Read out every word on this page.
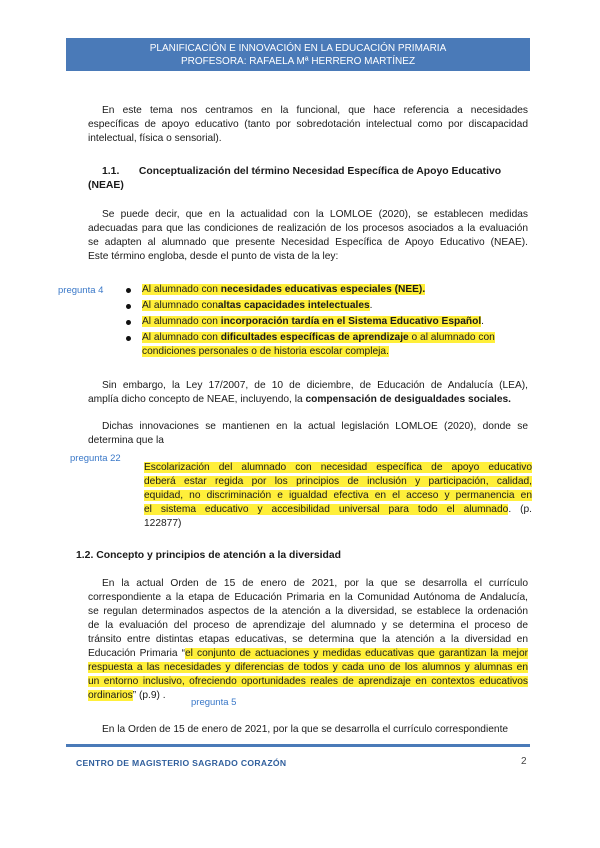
PLANIFICACIÓN E INNOVACIÓN EN LA EDUCACIÓN PRIMARIA
PROFESORA: RAFAELA Mª HERRERO MARTÍNEZ
En este tema nos centramos en la funcional, que hace referencia a necesidades
específicas de apoyo educativo (tanto por sobredotación intelectual como por discapacidad
intelectual, física o sensorial).
1.1. Conceptualización del término Necesidad Específica de Apoyo Educativo
(NEAE)
Se puede decir, que en la actualidad con la LOMLOE (2020), se establecen medidas
adecuadas para que las condiciones de realización de los procesos asociados a la evaluación
se adapten al alumnado que presente Necesidad Específica de Apoyo Educativo (NEAE).
Este término engloba, desde el punto de vista de la ley:
pregunta 4	Al alumnado con necesidades educativas especiales (NEE).
Al alumnado conaltas capacidades intelectuales.
Al alumnado con incorporación tardía en el Sistema Educativo Español.
Al alumnado con dificultades específicas de aprendizaje o al alumnado con
condiciones personales o de historia escolar compleja.
Sin embargo, la Ley 17/2007, de 10 de diciembre, de Educación de Andalucía (LEA),
amplía dicho concepto de NEAE, incluyendo, la compensación de desigualdades sociales.
Dichas innovaciones se mantienen en la actual legislación LOMLOE (2020), donde se
determina que la
pregunta 22
Escolarización del alumnado con necesidad específica de apoyo educativo
deberá estar regida por los principios de inclusión y participación, calidad,
equidad, no discriminación e igualdad efectiva en el acceso y permanencia en
el sistema educativo y accesibilidad universal para todo el alumnado. (p.
122877)
1.2. Concepto y principios de atención a la diversidad
En la actual Orden de 15 de enero de 2021, por la que se desarrolla el currículo
correspondiente a la etapa de Educación Primaria en la Comunidad Autónoma de Andalucía,
se regulan determinados aspectos de la atención a la diversidad, se establece la ordenación
de la evaluación del proceso de aprendizaje del alumnado y se determina el proceso de
tránsito entre distintas etapas educativas, se determina que la atención a la diversidad en
Educación Primaria “el conjunto de actuaciones y medidas educativas que garantizan la mejor
respuesta a las necesidades y diferencias de todos y cada uno de los alumnos y alumnas en
un entorno inclusivo, ofreciendo oportunidades reales de aprendizaje en contextos educativos
ordinarios” (p.9) .
pregunta 5
En la Orden de 15 de enero de 2021, por la que se desarrolla el currículo correspondiente
CENTRO DE MAGISTERIO SAGRADO CORAZÓN	2
